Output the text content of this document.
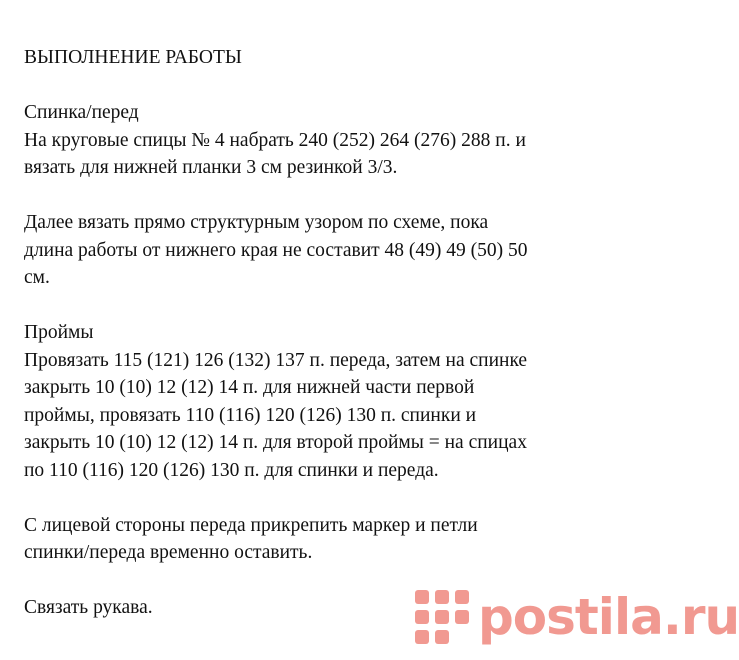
ВЫПОЛНЕНИЕ РАБОТЫ

Спинка/перед
На круговые спицы № 4 набрать 240 (252) 264 (276) 288 п. и
вязать для нижней планки 3 см резинкой 3/3.
Далее вязать прямо структурным узором по схеме, пока
длина работы от нижнего края не составит 48 (49) 49 (50) 50
см.
Проймы
Провязать 115 (121) 126 (132) 137 п. переда, затем на спинке
закрыть 10 (10) 12 (12) 14 п. для нижней части первой
проймы, провязать 110 (116) 120 (126) 130 п. спинки и
закрыть 10 (10) 12 (12) 14 п. для второй проймы = на спицах
по 110 (116) 120 (126) 130 п. для спинки и переда.
С лицевой стороны переда прикрепить маркер и петли
спинки/переда временно оставить.
Связать рукава.	postila.ru
